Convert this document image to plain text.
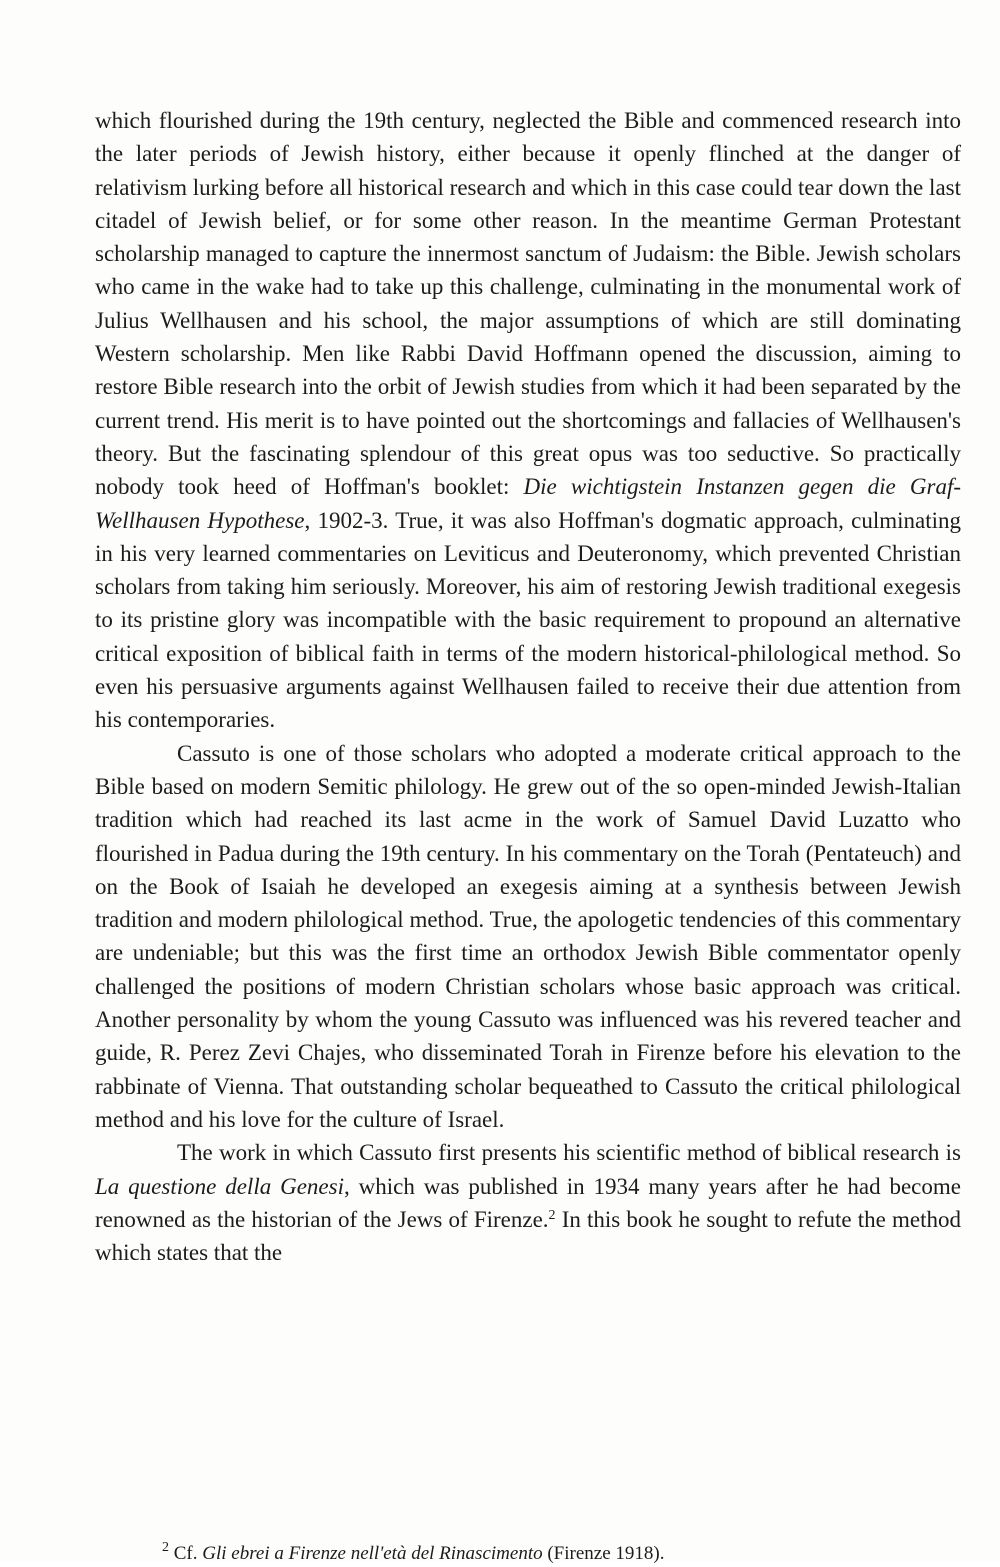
which flourished during the 19th century, neglected the Bible and commenced research into the later periods of Jewish history, either because it openly flinched at the danger of relativism lurking before all historical research and which in this case could tear down the last citadel of Jewish belief, or for some other reason. In the meantime German Protestant scholarship managed to capture the innermost sanctum of Judaism: the Bible. Jewish scholars who came in the wake had to take up this challenge, culminating in the monumental work of Julius Wellhausen and his school, the major assumptions of which are still dominating Western scholarship. Men like Rabbi David Hoffmann opened the discussion, aiming to restore Bible research into the orbit of Jewish studies from which it had been separated by the current trend. His merit is to have pointed out the shortcomings and fallacies of Wellhausen's theory. But the fascinating splendour of this great opus was too seductive. So practically nobody took heed of Hoffman's booklet: Die wichtigstein Instanzen gegen die Graf-Wellhausen Hypothese, 1902-3. True, it was also Hoffman's dogmatic approach, culminating in his very learned commentaries on Leviticus and Deuteronomy, which prevented Christian scholars from taking him seriously. Moreover, his aim of restoring Jewish traditional exegesis to its pristine glory was incompatible with the basic requirement to propound an alternative critical exposition of biblical faith in terms of the modern historical-philological method. So even his persuasive arguments against Wellhausen failed to receive their due attention from his contemporaries.

Cassuto is one of those scholars who adopted a moderate critical approach to the Bible based on modern Semitic philology. He grew out of the so open-minded Jewish-Italian tradition which had reached its last acme in the work of Samuel David Luzatto who flourished in Padua during the 19th century. In his commentary on the Torah (Pentateuch) and on the Book of Isaiah he developed an exegesis aiming at a synthesis between Jewish tradition and modern philological method. True, the apologetic tendencies of this commentary are undeniable; but this was the first time an orthodox Jewish Bible commentator openly challenged the positions of modern Christian scholars whose basic approach was critical. Another personality by whom the young Cassuto was influenced was his revered teacher and guide, R. Perez Zevi Chajes, who disseminated Torah in Firenze before his elevation to the rabbinate of Vienna. That outstanding scholar bequeathed to Cassuto the critical philological method and his love for the culture of Israel.

The work in which Cassuto first presents his scientific method of biblical research is La questione della Genesi, which was published in 1934 many years after he had become renowned as the historian of the Jews of Firenze.$^2$ In this book he sought to refute the method which states that the

$^2$ Cf. Gli ebrei a Firenze nell'età del Rinascimento (Firenze 1918).
